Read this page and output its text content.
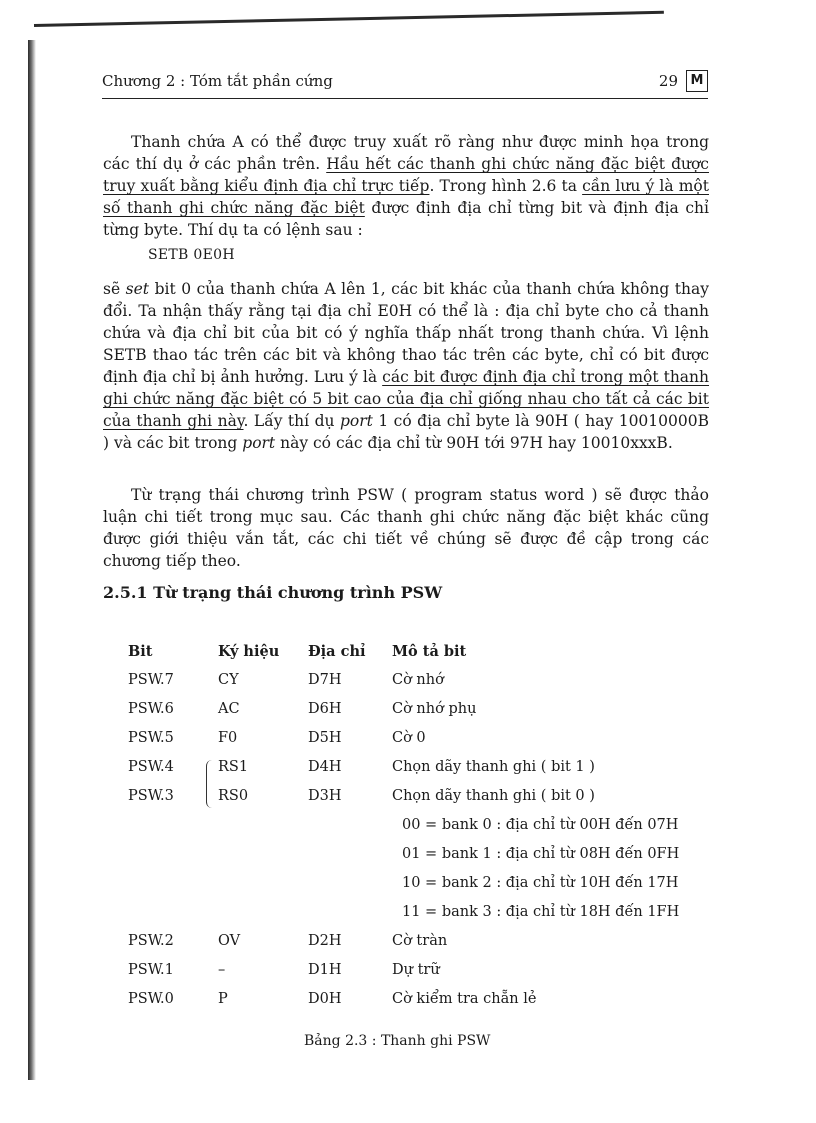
Chương 2 : Tóm tắt phần cứng	29 M
Thanh chứa A có thể được truy xuất rõ ràng như được minh họa trong các thí dụ ở các phần trên. Hầu hết các thanh ghi chức năng đặc biệt được truy xuất bằng kiểu định địa chỉ trực tiếp. Trong hình 2.6 ta cần lưu ý là một số thanh ghi chức năng đặc biệt được định địa chỉ từng bit và định địa chỉ từng byte. Thí dụ ta có lệnh sau :
SETB 0E0H
sẽ set bit 0 của thanh chứa A lên 1, các bit khác của thanh chứa không thay đổi. Ta nhận thấy rằng tại địa chỉ E0H có thể là : địa chỉ byte cho cả thanh chứa và địa chỉ bit của bit có ý nghĩa thấp nhất trong thanh chứa. Vì lệnh SETB thao tác trên các bit và không thao tác trên các byte, chỉ có bit được định địa chỉ bị ảnh hưởng. Lưu ý là các bit được định địa chỉ trong một thanh ghi chức năng đặc biệt có 5 bit cao của địa chỉ giống nhau cho tất cả các bit của thanh ghi này. Lấy thí dụ port 1 có địa chỉ byte là 90H ( hay 10010000B ) và các bit trong port này có các địa chỉ từ 90H tới 97H hay 10010xxxB.
Từ trạng thái chương trình PSW ( program status word ) sẽ được thảo luận chi tiết trong mục sau. Các thanh ghi chức năng đặc biệt khác cũng được giới thiệu vắn tắt, các chi tiết về chúng sẽ được đề cập trong các chương tiếp theo.
2.5.1 Từ trạng thái chương trình PSW
Bit	Ký hiệu	Địa chỉ	Mô tả bit
PSW.7	CY	D7H	Cờ nhớ
PSW.6	AC	D6H	Cờ nhớ phụ
PSW.5	F0	D5H	Cờ 0
PSW.4	RS1	D4H	Chọn dãy thanh ghi ( bit 1 )
PSW.3	RS0	D3H	Chọn dãy thanh ghi ( bit 0 )
			00 = bank 0 : địa chỉ từ 00H đến 07H
			01 = bank 1 : địa chỉ từ 08H đến 0FH
			10 = bank 2 : địa chỉ từ 10H đến 17H
			11 = bank 3 : địa chỉ từ 18H đến 1FH
PSW.2	OV	D2H	Cờ tràn
PSW.1	–	D1H	Dự trữ
PSW.0	P	D0H	Cờ kiểm tra chẵn lẻ
Bảng 2.3 : Thanh ghi PSW
